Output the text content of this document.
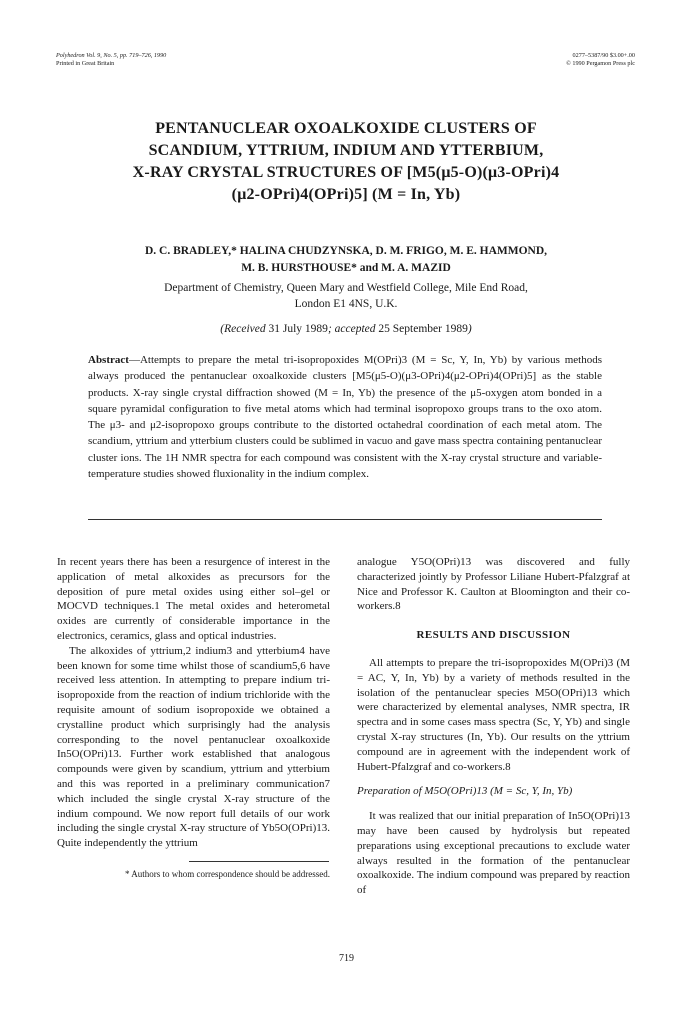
Polyhedron Vol. 9, No. 5, pp. 719–726, 1990
Printed in Great Britain
0277–5387/90 $3.00+.00
© 1990 Pergamon Press plc
PENTANUCLEAR OXOALKOXIDE CLUSTERS OF
SCANDIUM, YTTRIUM, INDIUM AND YTTERBIUM,
X-RAY CRYSTAL STRUCTURES OF [M5(μ5-O)(μ3-OPri)4
(μ2-OPri)4(OPri)5] (M = In, Yb)
D. C. BRADLEY,* HALINA CHUDZYNSKA, D. M. FRIGO, M. E. HAMMOND,
M. B. HURSTHOUSE* and M. A. MAZID
Department of Chemistry, Queen Mary and Westfield College, Mile End Road,
London E1 4NS, U.K.
(Received 31 July 1989; accepted 25 September 1989)
Abstract—Attempts to prepare the metal tri-isopropoxides M(OPri)3 (M = Sc, Y, In, Yb) by various methods always produced the pentanuclear oxoalkoxide clusters [M5(μ5-O)(μ3-OPri)4(μ2-OPri)4(OPri)5] as the stable products. X-ray single crystal diffraction showed (M = In, Yb) the presence of the μ5-oxygen atom bonded in a square pyramidal configuration to five metal atoms which had terminal isopropoxo groups trans to the oxo atom. The μ3- and μ2-isopropoxo groups contribute to the distorted octahedral coordination of each metal atom. The scandium, yttrium and ytterbium clusters could be sublimed in vacuo and gave mass spectra containing pentanuclear cluster ions. The 1H NMR spectra for each compound was consistent with the X-ray crystal structure and variable-temperature studies showed fluxionality in the indium complex.

In recent years there has been a resurgence of interest in the application of metal alkoxides as precursors for the deposition of pure metal oxides using either sol–gel or MOCVD techniques.1 The metal oxides and heterometal oxides are currently of considerable importance in the electronics, ceramics, glass and optical industries.

The alkoxides of yttrium,2 indium3 and ytterbium4 have been known for some time whilst those of scandium5,6 have received less attention. In attempting to prepare indium tri-isopropoxide from the reaction of indium trichloride with the requisite amount of sodium isopropoxide we obtained a crystalline product which surprisingly had the analysis corresponding to the novel pentanuclear oxoalkoxide In5O(OPri)13. Further work established that analogous compounds were given by scandium, yttrium and ytterbium and this was reported in a preliminary communication7 which included the single crystal X-ray structure of the indium compound. We now report full details of our work including the single crystal X-ray structure of Yb5O(OPri)13. Quite independently the yttrium

* Authors to whom correspondence should be addressed.

analogue Y5O(OPri)13 was discovered and fully characterized jointly by Professor Liliane Hubert-Pfalzgraf at Nice and Professor K. Caulton at Bloomington and their co-workers.8

RESULTS AND DISCUSSION

All attempts to prepare the tri-isopropoxides M(OPri)3 (M = AC, Y, In, Yb) by a variety of methods resulted in the isolation of the pentanuclear species M5O(OPri)13 which were characterized by elemental analyses, NMR spectra, IR spectra and in some cases mass spectra (Sc, Y, Yb) and single crystal X-ray structures (In, Yb). Our results on the yttrium compound are in agreement with the independent work of Hubert-Pfalzgraf and co-workers.8

Preparation of M5O(OPri)13 (M = Sc, Y, In, Yb)

It was realized that our initial preparation of In5O(OPri)13 may have been caused by hydrolysis but repeated preparations using exceptional precautions to exclude water always resulted in the formation of the pentanuclear oxoalkoxide. The indium compound was prepared by reaction of

719
